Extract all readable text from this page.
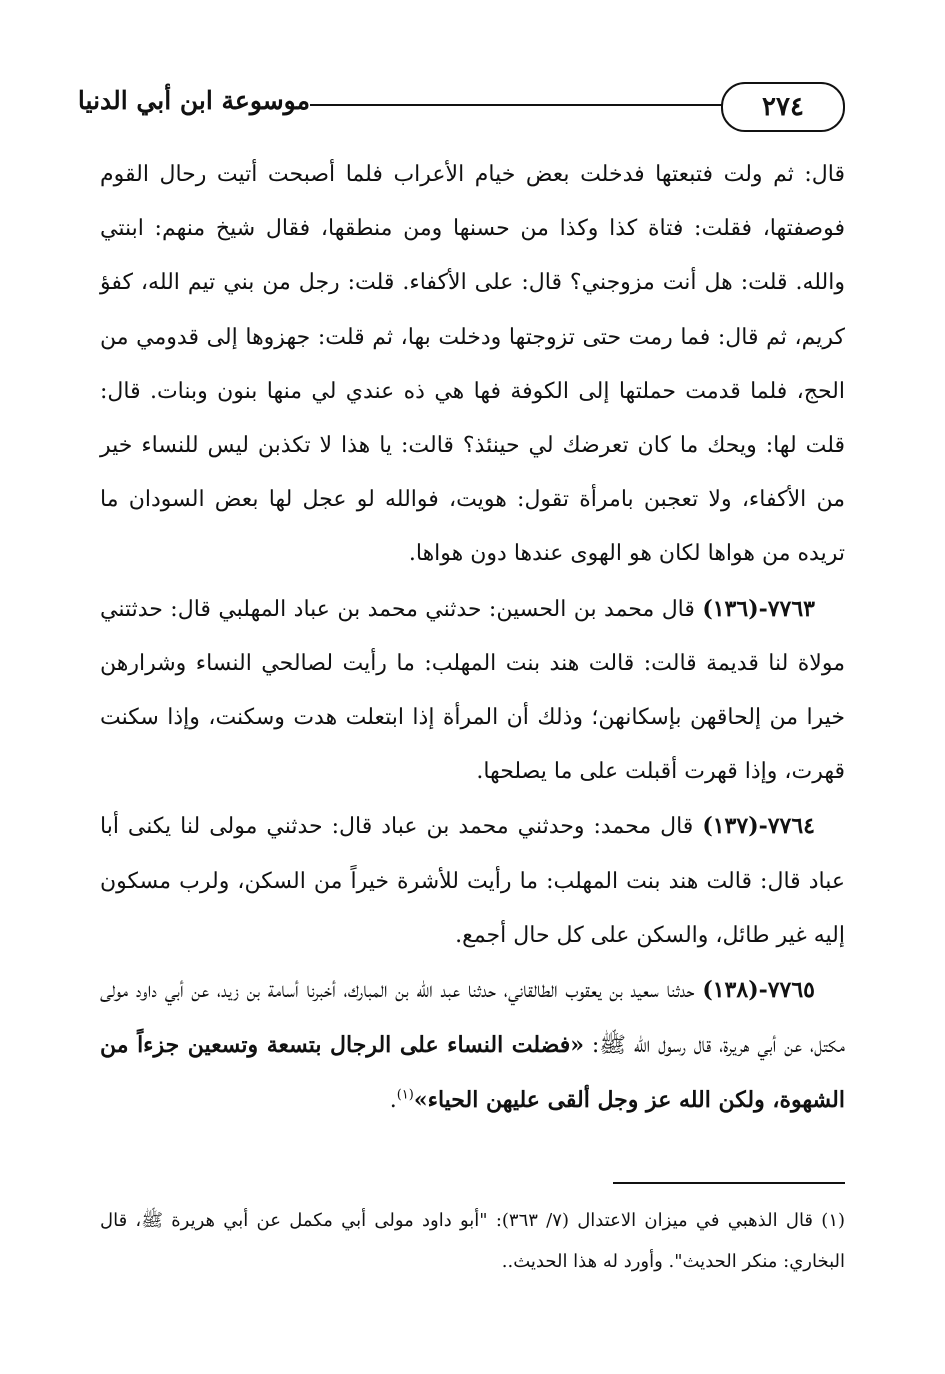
٢٧٤
موسوعة ابن أبي الدنيا

قال: ثم ولت فتبعتها فدخلت بعض خيام الأعراب فلما أصبحت أتيت رحال القوم فوصفتها، فقلت: فتاة كذا وكذا من حسنها ومن منطقها، فقال شيخ منهم: ابنتي والله. قلت: هل أنت مزوجني؟ قال: على الأكفاء. قلت: رجل من بني تيم الله، كفؤ كريم، ثم قال: فما رمت حتى تزوجتها ودخلت بها، ثم قلت: جهزوها إلى قدومي من الحج، فلما قدمت حملتها إلى الكوفة فها هي ذه عندي لي منها بنون وبنات. قال: قلت لها: ويحك ما كان تعرضك لي حينئذ؟ قالت: يا هذا لا تكذبن ليس للنساء خير من الأكفاء، ولا تعجبن بامرأة تقول: هويت، فوالله لو عجل لها بعض السودان ما تريده من هواها لكان هو الهوى عندها دون هواها.

٧٧٦٣-(١٣٦) قال محمد بن الحسين: حدثني محمد بن عباد المهلبي قال: حدثتني مولاة لنا قديمة قالت: قالت هند بنت المهلب: ما رأيت لصالحي النساء وشرارهن خيرا من إلحاقهن بإسكانهن؛ وذلك أن المرأة إذا ابتعلت هدت وسكنت، وإذا سكنت قهرت، وإذا قهرت أقبلت على ما يصلحها.

٧٧٦٤-(١٣٧) قال محمد: وحدثني محمد بن عباد قال: حدثني مولى لنا يكنى أبا عباد قال: قالت هند بنت المهلب: ما رأيت للأشرة خيراً من السكن، ولرب مسكون إليه غير طائل، والسكن على كل حال أجمع.

٧٧٦٥-(١٣٨) حدثنا سعيد بن يعقوب الطالقاني، حدثنا عبد الله بن المبارك، أخبرنا أسامة بن زيد، عن أبي داود مولى مكتل، عن أبي هريرة، قال رسول الله ﷺ: «فضلت النساء على الرجال بتسعة وتسعين جزءاً من الشهوة، ولكن الله عز وجل ألقى عليهن الحياء»$^{(١)}$.

(١) قال الذهبي في ميزان الاعتدال (٧/ ٣٦٣): "أبو داود مولى أبي مكمل عن أبي هريرة ﷺ، قال البخاري: منكر الحديث". وأورد له هذا الحديث..
